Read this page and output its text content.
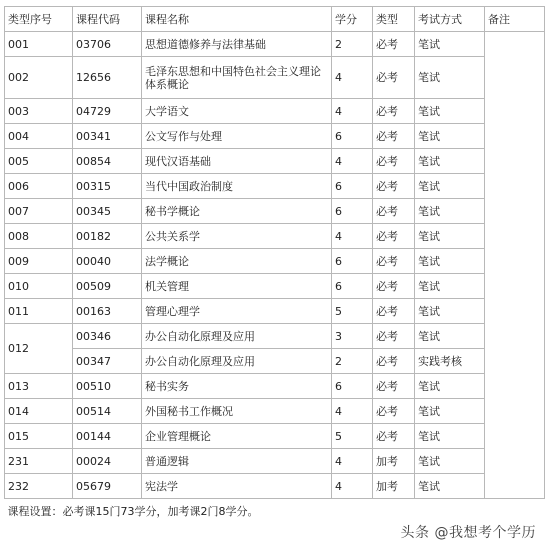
类型序号	课程代码	课程名称	学分	类型	考试方式	备注
001	03706	思想道德修养与法律基础	2	必考	笔试	
002	12656	毛泽东思想和中国特色社会主义理论体系概论	4	必考	笔试	
003	04729	大学语文	4	必考	笔试	
004	00341	公文写作与处理	6	必考	笔试	
005	00854	现代汉语基础	4	必考	笔试	
006	00315	当代中国政治制度	6	必考	笔试	
007	00345	秘书学概论	6	必考	笔试	
008	00182	公共关系学	4	必考	笔试	
009	00040	法学概论	6	必考	笔试	
010	00509	机关管理	6	必考	笔试	
011	00163	管理心理学	5	必考	笔试	
012	00346	办公自动化原理及应用	3	必考	笔试	
	00347	办公自动化原理及应用	2	必考	实践考核	
013	00510	秘书实务	6	必考	笔试	
014	00514	外国秘书工作概况	4	必考	笔试	
015	00144	企业管理概论	5	必考	笔试	
231	00024	普通逻辑	4	加考	笔试	
232	05679	宪法学	4	加考	笔试	
课程设置：必考课15门73学分，加考课2门8学分。						
头条 @我想考个学历
